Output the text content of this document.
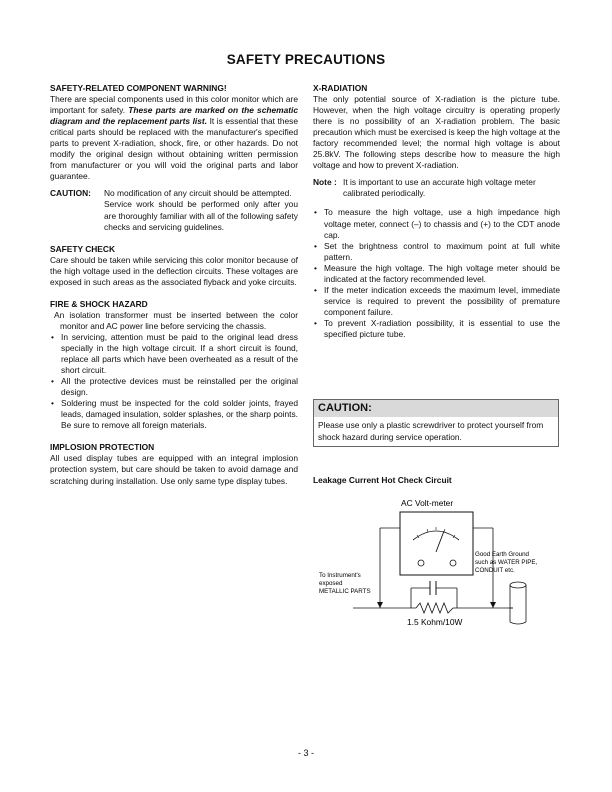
SAFETY PRECAUTIONS
SAFETY-RELATED COMPONENT WARNING!

There are special components used in this color monitor which are important for safety. These parts are marked on the schematic diagram and the replacement parts list. It is essential that these critical parts should be replaced with the manufacturer's specified parts to prevent X-radiation, shock, fire, or other hazards. Do not modify the original design without obtaining written permission from manufacturer or you will void the original parts and labor guarantee.

CAUTION:	No modification of any circuit should be attempted.

Service work should be performed only after you are thoroughly familiar with all of the following safety checks and servicing guidelines.

SAFETY CHECK

Care should be taken while servicing this color monitor because of the high voltage used in the deflection circuits. These voltages are exposed in such areas as the associated flyback and yoke circuits.

FIRE & SHOCK HAZARD

An isolation transformer must be inserted between the color monitor and AC power line before servicing the chassis.

• In servicing, attention must be paid to the original lead dress specially in the high voltage circuit. If a short circuit is found, replace all parts which have been overheated as a result of the short circuit.
• All the protective devices must be reinstalled per the original design.
• Soldering must be inspected for the cold solder joints, frayed leads, damaged insulation, solder splashes, or the sharp points. Be sure to remove all foreign materials.
IMPLOSION PROTECTION

All used display tubes are equipped with an integral implosion protection system, but care should be taken to avoid damage and scratching during installation. Use only same type display tubes.

X-RADIATION

The only potential source of X-radiation is the picture tube. However, when the high voltage circuitry is operating properly there is no possibility of an X-radiation problem. The basic precaution which must be exercised is keep the high voltage at the factory recommended level; the normal high voltage is about 25.8kV. The following steps describe how to measure the high voltage and how to prevent X-radiation.

Note : It is important to use an accurate high voltage meter calibrated periodically.
• To measure the high voltage, use a high impedance high voltage meter, connect (–) to chassis and (+) to the CDT anode cap.
• Set the brightness control to maximum point at full white pattern.
• Measure the high voltage. The high voltage meter should be indicated at the factory recommended level.
• If the meter indication exceeds the maximum level, immediate service is required to prevent the possibility of premature component failure.
• To prevent X-radiation possibility, it is essential to use the specified picture tube.
CAUTION:
Please use only a plastic screwdriver to protect yourself from shock hazard during service operation.
Leakage Current Hot Check Circuit
AC Volt-meter
1.5 Kohm/10W
To Instrument's
exposed
METALLIC PARTS
Good Earth Ground
such as WATER PIPE,
CONDUIT etc.
- 3 -
